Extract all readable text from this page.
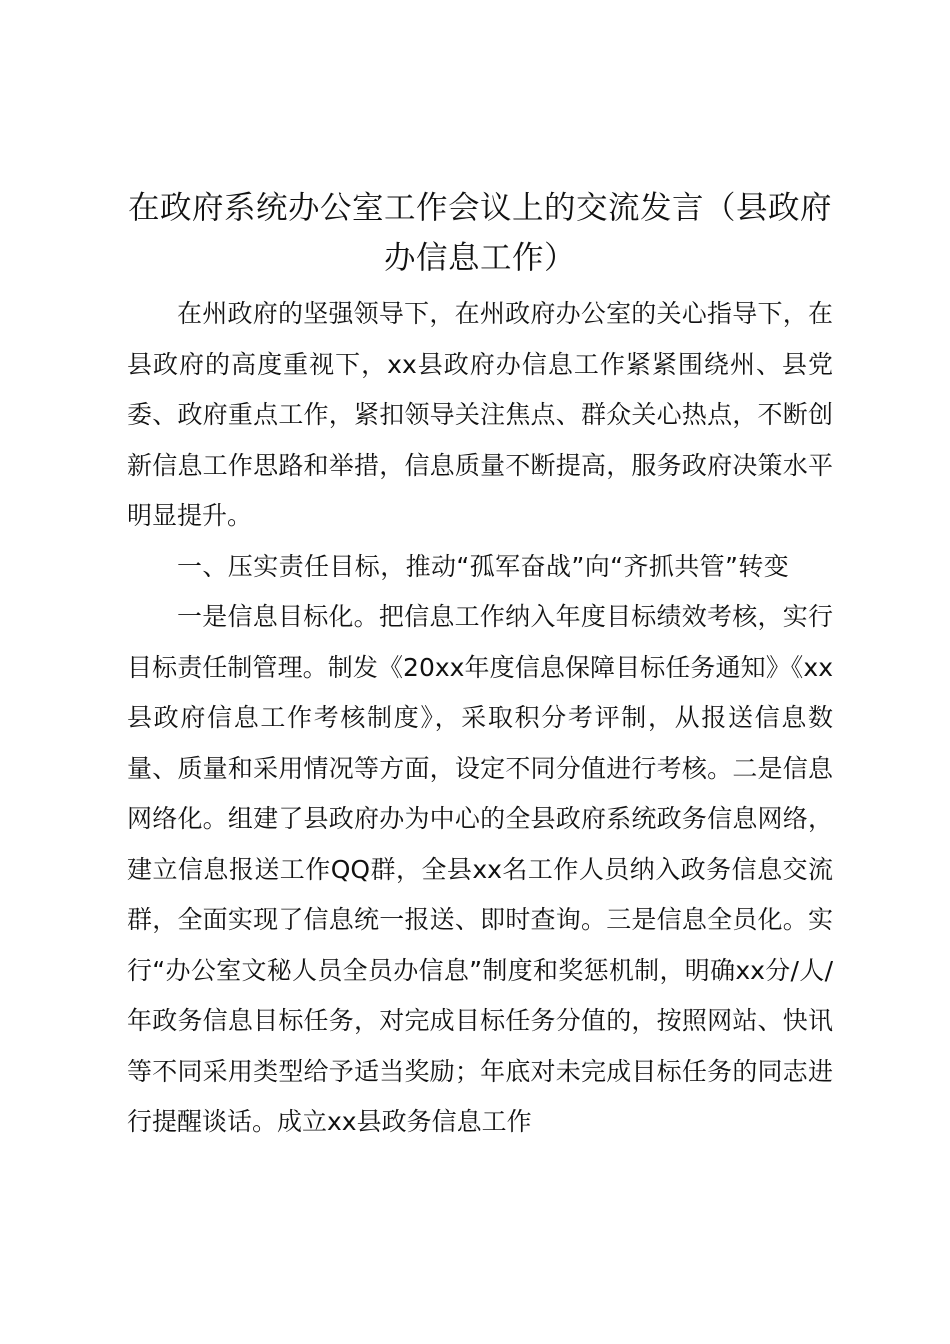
在政府系统办公室工作会议上的交流发言（县政府办信息工作）

在州政府的坚强领导下，在州政府办公室的关心指导下，在县政府的高度重视下，xx县政府办信息工作紧紧围绕州、县党委、政府重点工作，紧扣领导关注焦点、群众关心热点，不断创新信息工作思路和举措，信息质量不断提高，服务政府决策水平明显提升。

一、压实责任目标，推动“孤军奋战”向“齐抓共管”转变

一是信息目标化。把信息工作纳入年度目标绩效考核，实行目标责任制管理。制发《20xx年度信息保障目标任务通知》《xx县政府信息工作考核制度》，采取积分考评制，从报送信息数量、质量和采用情况等方面，设定不同分值进行考核。二是信息网络化。组建了县政府办为中心的全县政府系统政务信息网络，建立信息报送工作QQ群，全县xx名工作人员纳入政务信息交流群，全面实现了信息统一报送、即时查询。三是信息全员化。实行“办公室文秘人员全员办信息”制度和奖惩机制，明确xx分/人/年政务信息目标任务，对完成目标任务分值的，按照网站、快讯等不同采用类型给予适当奖励；年底对未完成目标任务的同志进行提醒谈话。成立xx县政务信息工作
